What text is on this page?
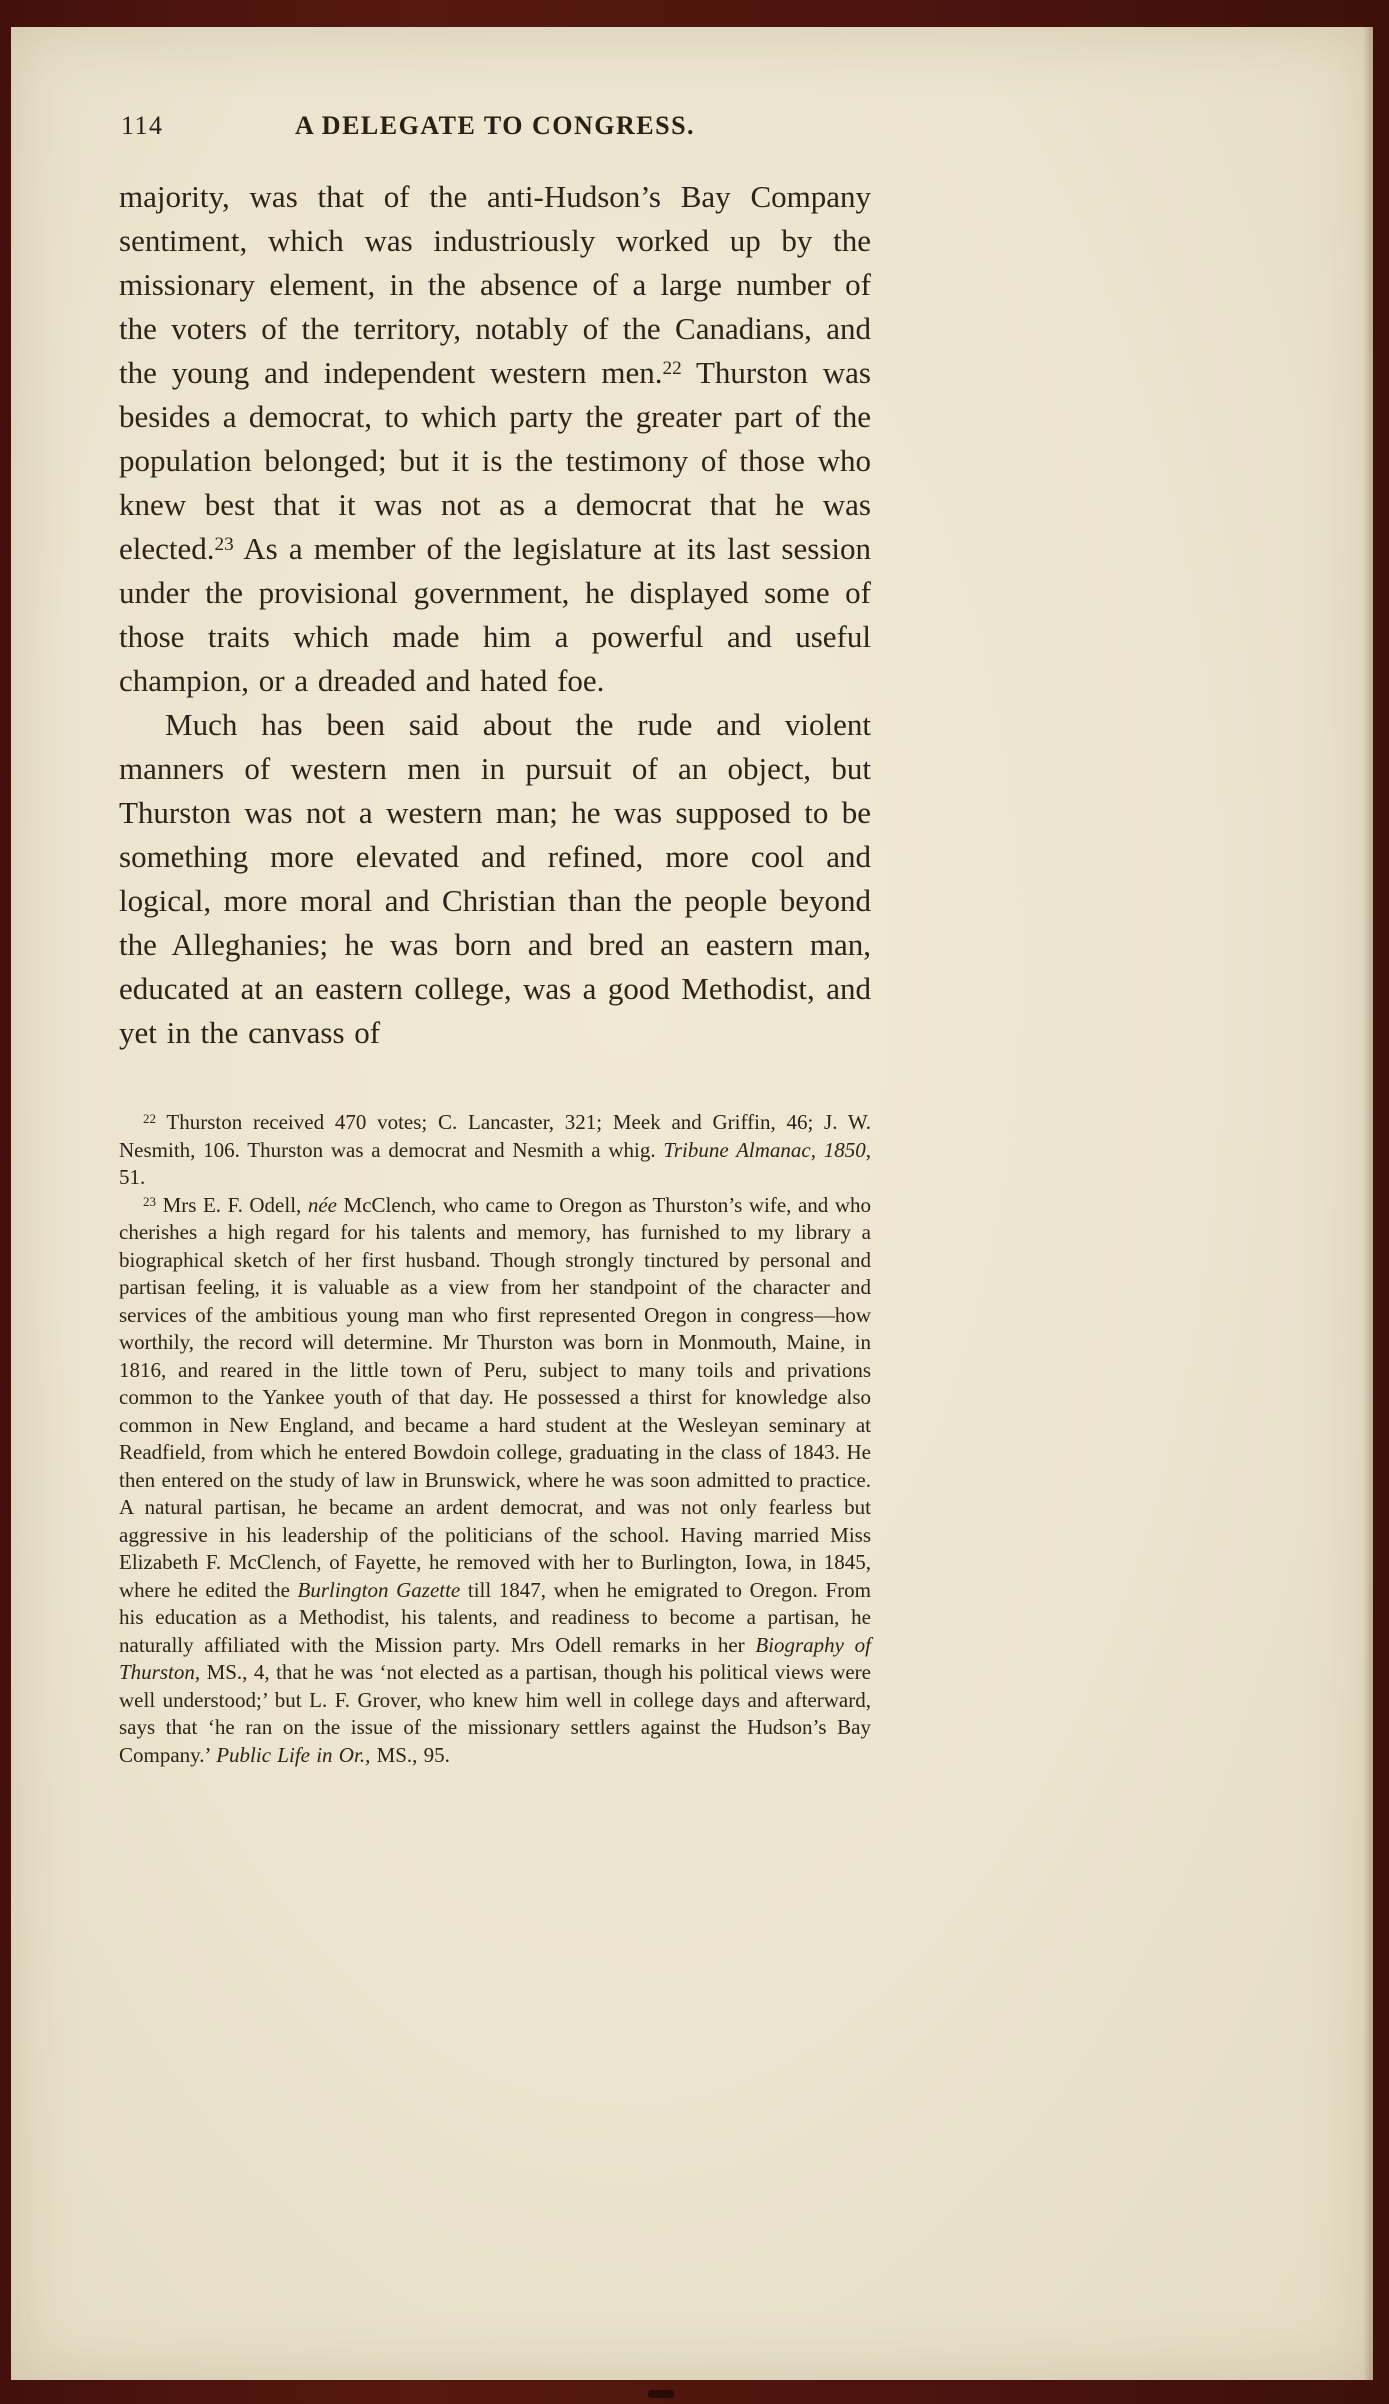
114	A DELEGATE TO CONGRESS.

majority, was that of the anti-Hudson’s Bay Company sentiment, which was industriously worked up by the missionary element, in the absence of a large number of the voters of the territory, notably of the Canadians, and the young and independent western men.$^{22}$ Thurston was besides a democrat, to which party the greater part of the population belonged; but it is the testimony of those who knew best that it was not as a democrat that he was elected.$^{23}$ As a member of the legislature at its last session under the provisional government, he displayed some of those traits which made him a powerful and useful champion, or a dreaded and hated foe.

Much has been said about the rude and violent manners of western men in pursuit of an object, but Thurston was not a western man; he was supposed to be something more elevated and refined, more cool and logical, more moral and Christian than the people beyond the Alleghanies; he was born and bred an eastern man, educated at an eastern college, was a good Methodist, and yet in the canvass of

$^{22}$ Thurston received 470 votes; C. Lancaster, 321; Meek and Griffin, 46; J. W. Nesmith, 106. Thurston was a democrat and Nesmith a whig. Tribune Almanac, 1850, 51.

$^{23}$ Mrs E. F. Odell, née McClench, who came to Oregon as Thurston’s wife, and who cherishes a high regard for his talents and memory, has furnished to my library a biographical sketch of her first husband. Though strongly tinctured by personal and partisan feeling, it is valuable as a view from her standpoint of the character and services of the ambitious young man who first represented Oregon in congress—how worthily, the record will determine. Mr Thurston was born in Monmouth, Maine, in 1816, and reared in the little town of Peru, subject to many toils and privations common to the Yankee youth of that day. He possessed a thirst for knowledge also common in New England, and became a hard student at the Wesleyan seminary at Readfield, from which he entered Bowdoin college, graduating in the class of 1843. He then entered on the study of law in Brunswick, where he was soon admitted to practice. A natural partisan, he became an ardent democrat, and was not only fearless but aggressive in his leadership of the politicians of the school. Having married Miss Elizabeth F. McClench, of Fayette, he removed with her to Burlington, Iowa, in 1845, where he edited the Burlington Gazette till 1847, when he emigrated to Oregon. From his education as a Methodist, his talents, and readiness to become a partisan, he naturally affiliated with the Mission party. Mrs Odell remarks in her Biography of Thurston, MS., 4, that he was ‘not elected as a partisan, though his political views were well understood;’ but L. F. Grover, who knew him well in college days and afterward, says that ‘he ran on the issue of the missionary settlers against the Hudson’s Bay Company.’ Public Life in Or., MS., 95.
